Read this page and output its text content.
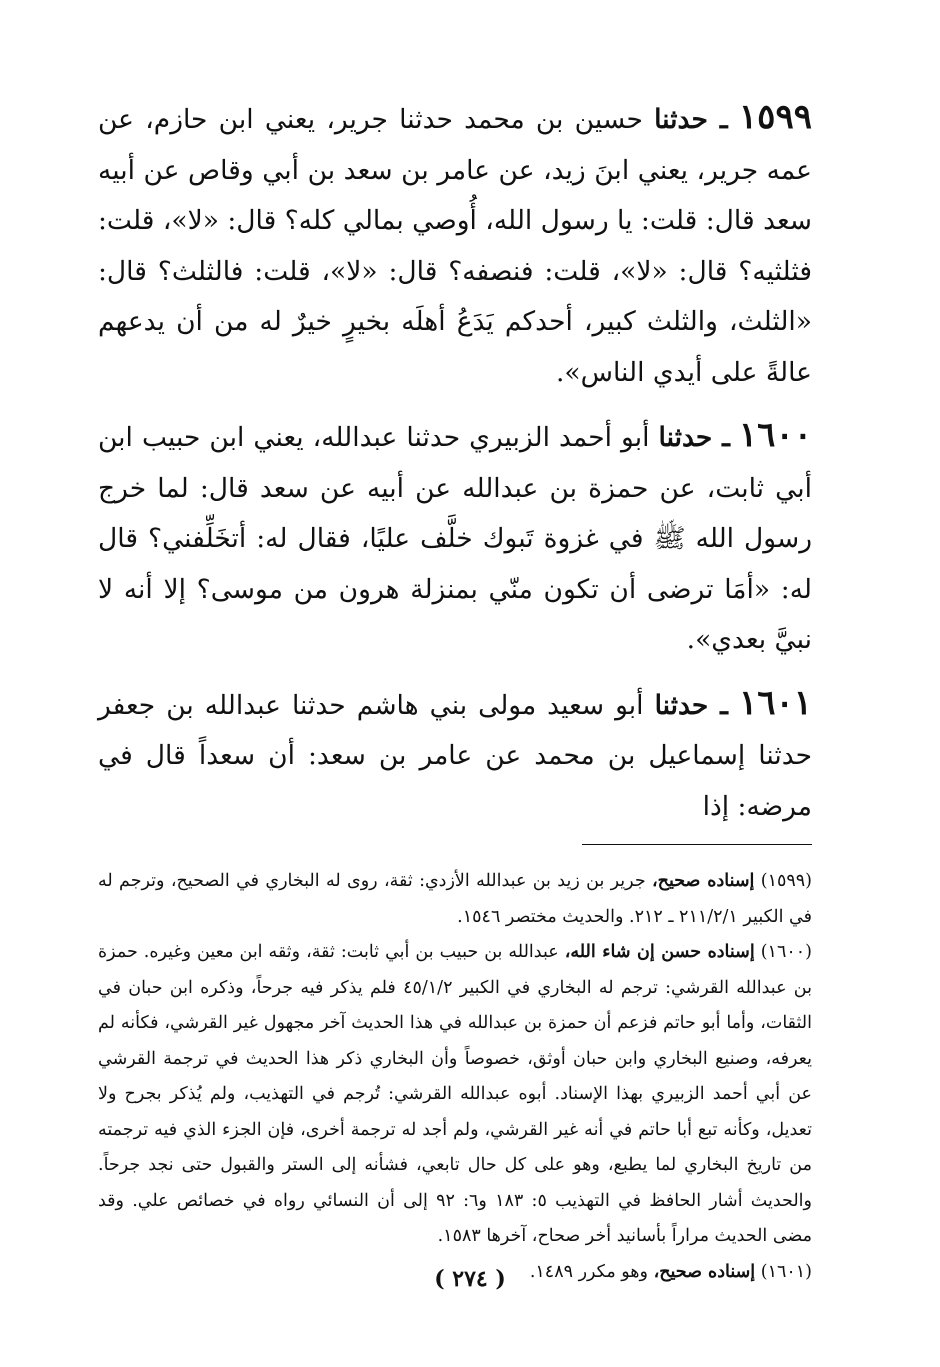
١٥٩٩ ـ حدثنا حسين بن محمد حدثنا جرير، يعني ابن حازم، عن عمه جرير، يعني ابنَ زيد، عن عامر بن سعد بن أبي وقاص عن أبيه سعد قال: قلت: يا رسول الله، أُوصي بمالي كله؟ قال: «لا»، قلت: فثلثيه؟ قال: «لا»، قلت: فنصفه؟ قال: «لا»، قلت: فالثلث؟ قال: «الثلث، والثلث كبير، أحدكم يَدَعُ أهلَه بخيرٍ خيرٌ له من أن يدعهم عالةً على أيدي الناس».

١٦٠٠ ـ حدثنا أبو أحمد الزبيري حدثنا عبدالله، يعني ابن حبيب ابن أبي ثابت، عن حمزة بن عبدالله عن أبيه عن سعد قال: لما خرج رسول الله ﷺ في غزوة تَبوك خلَّف عليًا، فقال له: أتخَلِّفني؟ قال له: «أمَا ترضى أن تكون منّي بمنزلة هرون من موسى؟ إلا أنه لا نبيَّ بعدي».

١٦٠١ ـ حدثنا أبو سعيد مولى بني هاشم حدثنا عبدالله بن جعفر حدثنا إسماعيل بن محمد عن عامر بن سعد: أن سعداً قال في مرضه: إذا

(١٥٩٩) إسناده صحيح، جرير بن زيد بن عبدالله الأزدي: ثقة، روى له البخاري في الصحيح، وترجم له في الكبير ٢١١/٢/١ ـ ٢١٢. والحديث مختصر ١٥٤٦.

(١٦٠٠) إسناده حسن إن شاء الله، عبدالله بن حبيب بن أبي ثابت: ثقة، وثقه ابن معين وغيره. حمزة بن عبدالله القرشي: ترجم له البخاري في الكبير ٤٥/١/٢ فلم يذكر فيه جرحاً، وذكره ابن حبان في الثقات، وأما أبو حاتم فزعم أن حمزة بن عبدالله في هذا الحديث آخر مجهول غير القرشي، فكأنه لم يعرفه، وصنيع البخاري وابن حبان أوثق، خصوصاً وأن البخاري ذكر هذا الحديث في ترجمة القرشي عن أبي أحمد الزبيري بهذا الإسناد. أبوه عبدالله القرشي: تُرجم في التهذيب، ولم يُذكر بجرح ولا تعديل، وكأنه تبع أبا حاتم في أنه غير القرشي، ولم أجد له ترجمة أخرى، فإن الجزء الذي فيه ترجمته من تاريخ البخاري لما يطبع، وهو على كل حال تابعي، فشأنه إلى الستر والقبول حتى نجد جرحاً. والحديث أشار الحافظ في التهذيب ٥: ١٨٣ و٦: ٩٢ إلى أن النسائي رواه في خصائص علي. وقد مضى الحديث مراراً بأسانيد أخر صحاح، آخرها ١٥٨٣.

(١٦٠١) إسناده صحيح، وهو مكرر ١٤٨٩.

( ٢٧٤ )
